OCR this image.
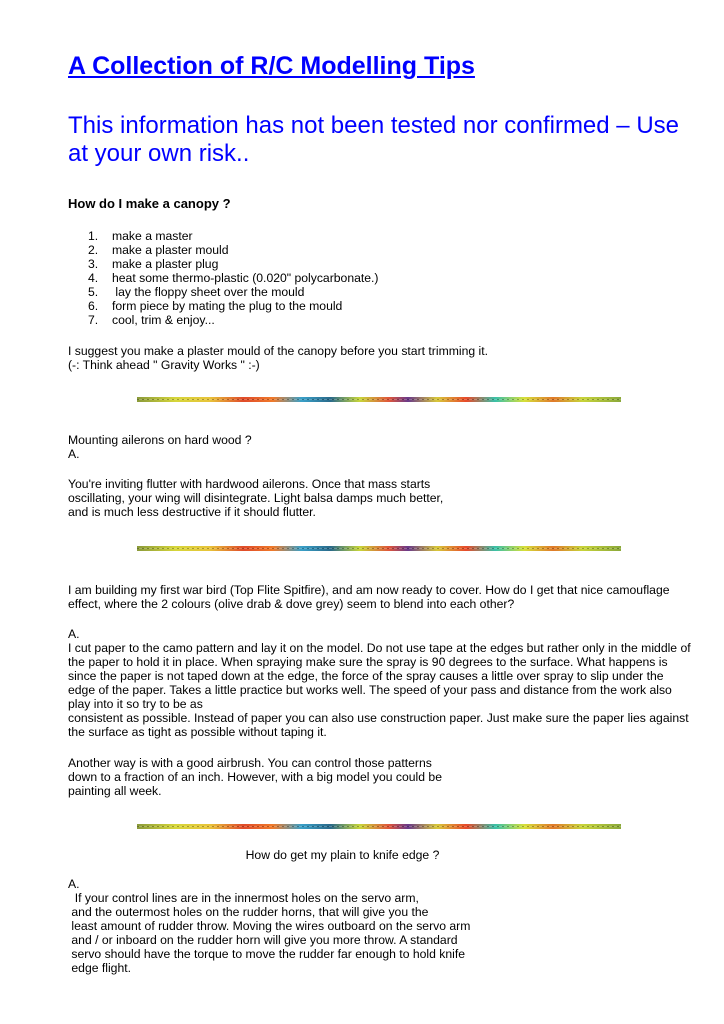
A Collection of R/C Modelling Tips
This information has not been tested nor confirmed – Use at your own risk..
How do I make a canopy ?
1. make a master
2. make a plaster mould
3. make a plaster plug
4. heat some thermo-plastic (0.020" polycarbonate.)
5. lay the floppy sheet over the mould
6. form piece by mating the plug to the mould
7. cool, trim & enjoy...

I suggest you make a plaster mould of the canopy before you start trimming it.

(-: Think ahead " Gravity Works " :-)

Mounting ailerons on hard wood ?

A.

You're inviting flutter with hardwood ailerons. Once that mass starts

oscillating, your wing will disintegrate. Light balsa damps much better,

and is much less destructive if it should flutter.

I am building my first war bird (Top Flite Spitfire), and am now ready to cover. How do I get that nice camouflage effect, where the 2 colours (olive drab & dove grey) seem to blend into each other?

A.

I cut paper to the camo pattern and lay it on the model. Do not use tape at the edges but rather only in the middle of the paper to hold it in place. When spraying make sure the spray is 90 degrees to the surface. What happens is since the paper is not taped down at the edge, the force of the spray causes a little over spray to slip under the edge of the paper. Takes a little practice but works well. The speed of your pass and distance from the work also play into it so try to be as

consistent as possible. Instead of paper you can also use construction paper. Just make sure the paper lies against the surface as tight as possible without taping it.

Another way is with a good airbrush. You can control those patterns

down to a fraction of an inch. However, with a big model you could be

painting all week.

How do get my plain to knife edge ?

A.

If your control lines are in the innermost holes on the servo arm,

and the outermost holes on the rudder horns, that will give you the

least amount of rudder throw. Moving the wires outboard on the servo arm

and / or inboard on the rudder horn will give you more throw. A standard

servo should have the torque to move the rudder far enough to hold knife

edge flight.
